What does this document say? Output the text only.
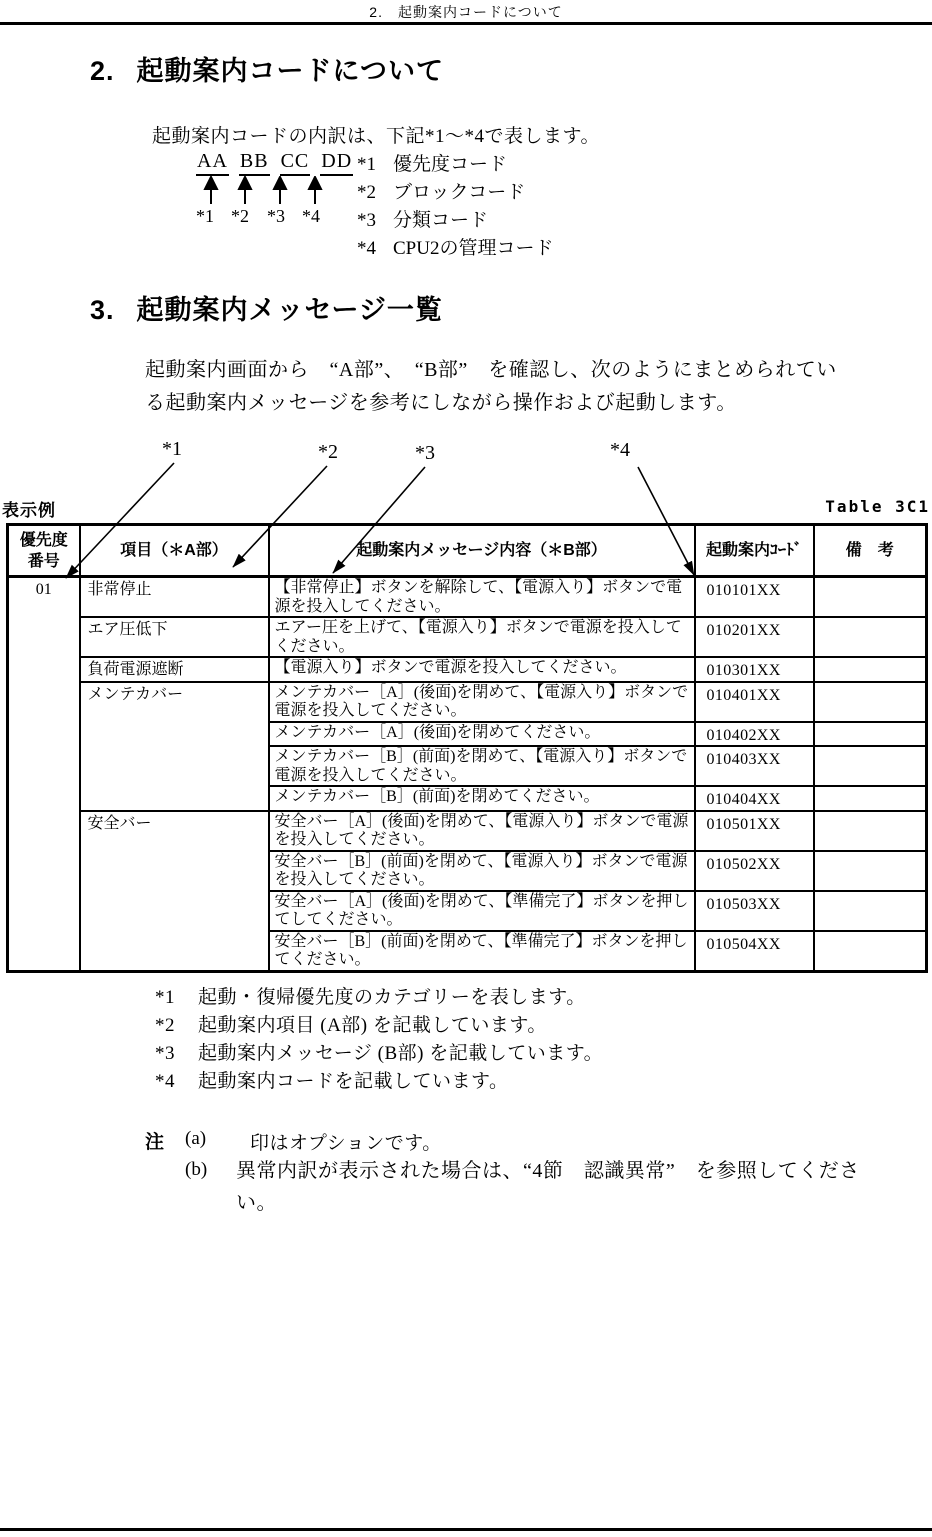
2.　起動案内コードについて
2. 起動案内コードについて
起動案内コードの内訳は、下記*1～*4で表します。
AA BB CC DD
*1 *2 *3 *4
*1 優先度コード
*2 ブロックコード
*3 分類コード
*4 CPU2の管理コード
3. 起動案内メッセージ一覧
起動案内画面から　“A部”、　“B部”　を確認し、次のようにまとめられている起動案内メッセージを参考にしながら操作および起動します。
*1	*2	*3	*4
表示例	Table 3C1
優先度
番号	項目（＊A部）	起動案内メッセージ内容（＊B部）	起動案内ｺｰﾄﾞ	備　考
01	非常停止	【非常停止】ボタンを解除して、【電源入り】ボタンで電源を投入してください。	010101XX	
	エア圧低下	エアー圧を上げて、【電源入り】ボタンで電源を投入してください。	010201XX	
	負荷電源遮断	【電源入り】ボタンで電源を投入してください。	010301XX	
	メンテカバー	メンテカバー［A］(後面)を閉めて、【電源入り】ボタンで電源を投入してください。	010401XX	
		メンテカバー［A］(後面)を閉めてください。	010402XX	
		メンテカバー［B］(前面)を閉めて、【電源入り】ボタンで電源を投入してください。	010403XX	
		メンテカバー［B］(前面)を閉めてください。	010404XX	
	安全バー	安全バー［A］(後面)を閉めて、【電源入り】ボタンで電源を投入してください。	010501XX	
		安全バー［B］(前面)を閉めて、【電源入り】ボタンで電源を投入してください。	010502XX	
		安全バー［A］(後面)を閉めて、【準備完了】ボタンを押してしてください。	010503XX	
		安全バー［B］(前面)を閉めて、【準備完了】ボタンを押してください。	010504XX	
*1 起動・復帰優先度のカテゴリーを表します。
*2 起動案内項目 (A部) を記載しています。
*3 起動案内メッセージ (B部) を記載しています。
*4 起動案内コードを記載しています。
注 (a) 印はオプションです。
(b) 異常内訳が表示された場合は、“4節　認識異常”　を参照してください。
